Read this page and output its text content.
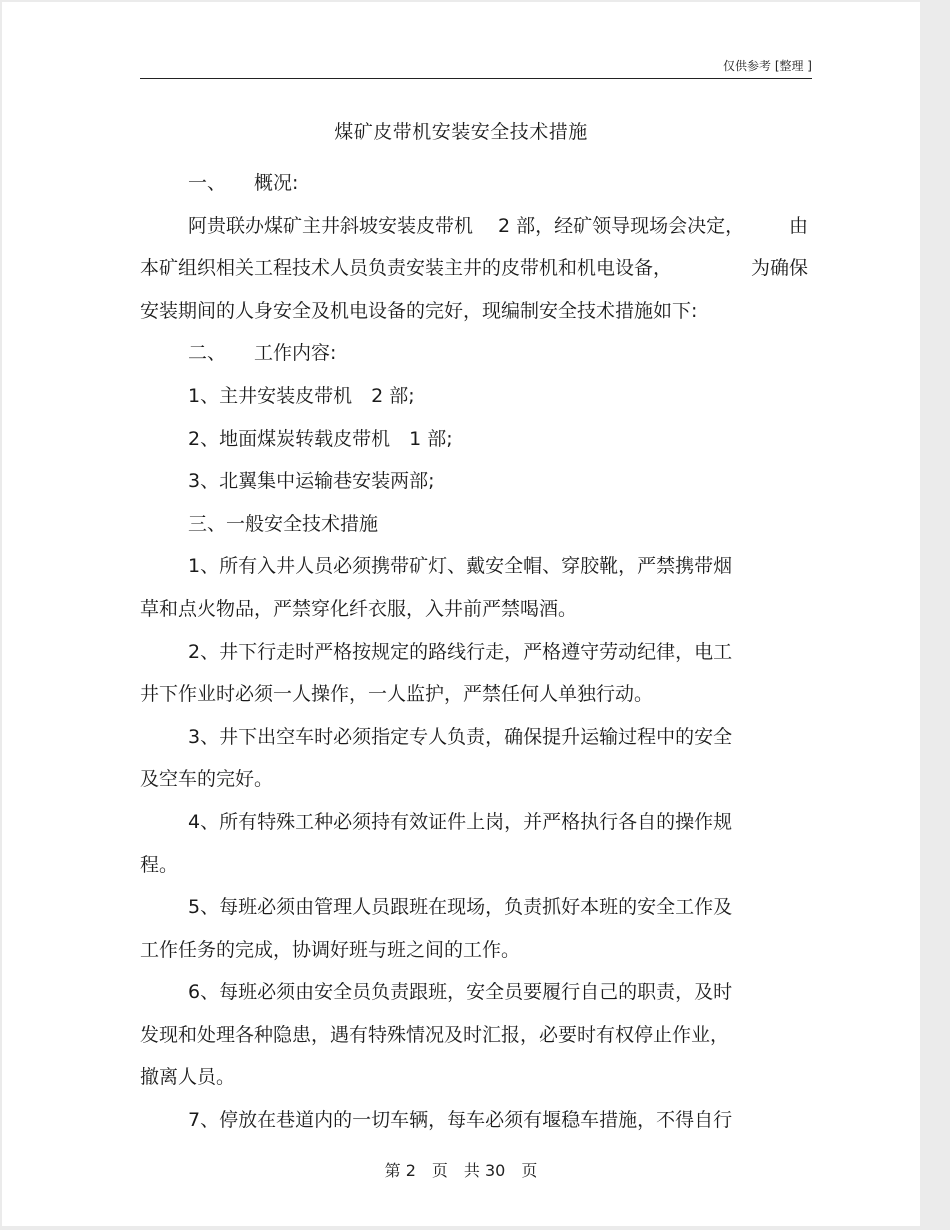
仅供参考 [整理 ]
煤矿皮带机安装安全技术措施
一、	概况:
阿贵联办煤矿主井斜坡安装皮带机　 2 部，经矿领导现场会决定， 由
本矿组织相关工程技术人员负责安装主井的皮带机和机电设备，	为确保
安装期间的人身安全及机电设备的完好，现编制安全技术措施如下:
二、	工作内容:
1、主井安装皮带机　2 部;
2、地面煤炭转载皮带机　1 部;
3、北翼集中运输巷安装两部;
三、一般安全技术措施
1、所有入井人员必须携带矿灯、戴安全帽、穿胶靴，严禁携带烟
草和点火物品，严禁穿化纤衣服，入井前严禁喝酒。
2、井下行走时严格按规定的路线行走，严格遵守劳动纪律，电工
井下作业时必须一人操作，一人监护，严禁任何人单独行动。
3、井下出空车时必须指定专人负责，确保提升运输过程中的安全
及空车的完好。
4、所有特殊工种必须持有效证件上岗，并严格执行各自的操作规
程。
5、每班必须由管理人员跟班在现场，负责抓好本班的安全工作及
工作任务的完成，协调好班与班之间的工作。
6、每班必须由安全员负责跟班，安全员要履行自己的职责，及时
发现和处理各种隐患，遇有特殊情况及时汇报，必要时有权停止作业，
撤离人员。
7、停放在巷道内的一切车辆，每车必须有堰稳车措施，不得自行
第 2　页　共 30　页
